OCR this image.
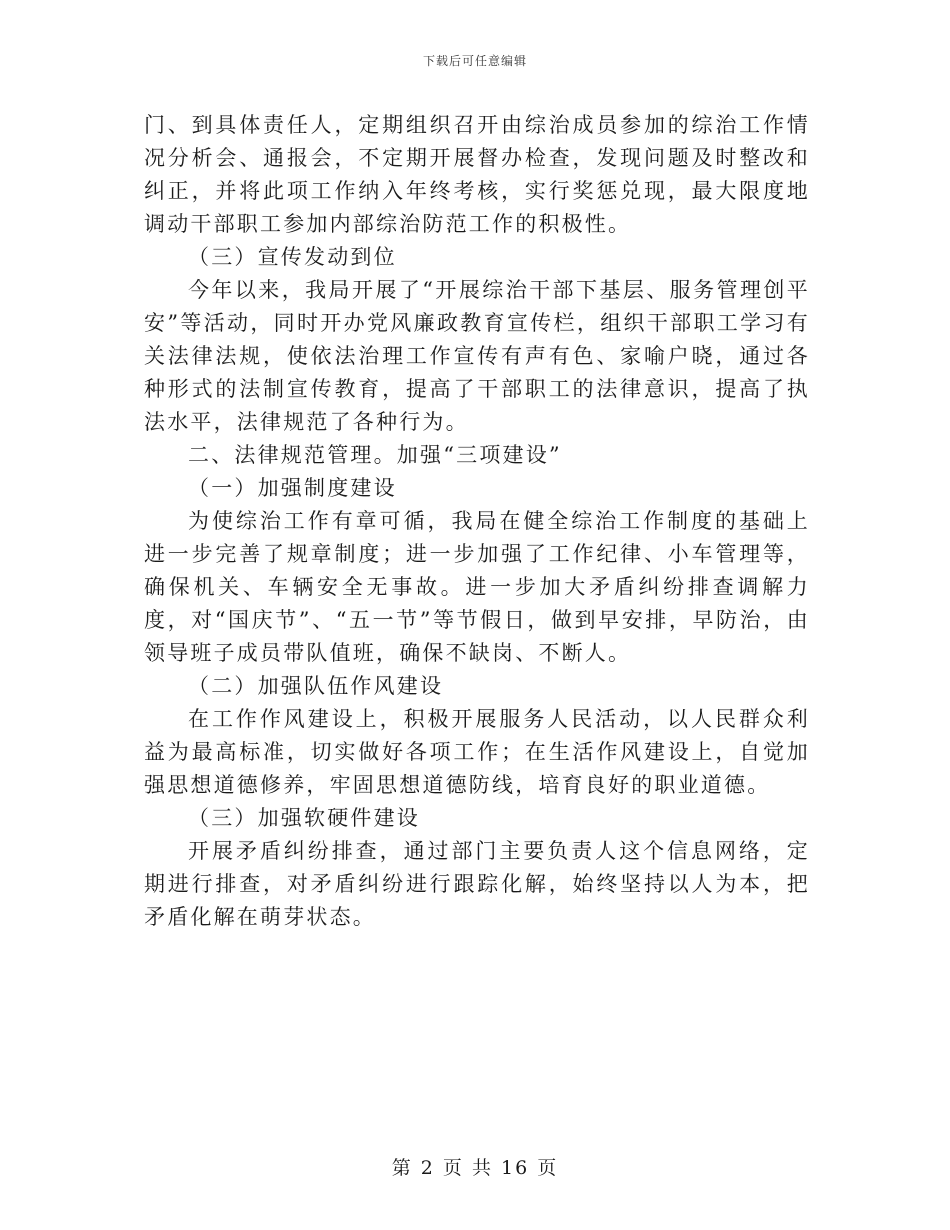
下载后可任意编辑

门、到具体责任人，定期组织召开由综治成员参加的综治工作情况分析会、通报会，不定期开展督办检查，发现问题及时整改和纠正，并将此项工作纳入年终考核，实行奖惩兑现，最大限度地调动干部职工参加内部综治防范工作的积极性。

（三）宣传发动到位

今年以来，我局开展了“开展综治干部下基层、服务管理创平安”等活动，同时开办党风廉政教育宣传栏，组织干部职工学习有关法律法规，使依法治理工作宣传有声有色、家喻户晓，通过各种形式的法制宣传教育，提高了干部职工的法律意识，提高了执法水平，法律规范了各种行为。

二、法律规范管理。加强“三项建设”

（一）加强制度建设

为使综治工作有章可循，我局在健全综治工作制度的基础上进一步完善了规章制度；进一步加强了工作纪律、小车管理等，确保机关、车辆安全无事故。进一步加大矛盾纠纷排查调解力度，对“国庆节”、“五一节”等节假日，做到早安排，早防治，由领导班子成员带队值班，确保不缺岗、不断人。

（二）加强队伍作风建设

在工作作风建设上，积极开展服务人民活动，以人民群众利益为最高标准，切实做好各项工作；在生活作风建设上，自觉加强思想道德修养，牢固思想道德防线，培育良好的职业道德。

（三）加强软硬件建设

开展矛盾纠纷排查，通过部门主要负责人这个信息网络，定期进行排查，对矛盾纠纷进行跟踪化解，始终坚持以人为本，把矛盾化解在萌芽状态。

第 2 页 共 16 页
